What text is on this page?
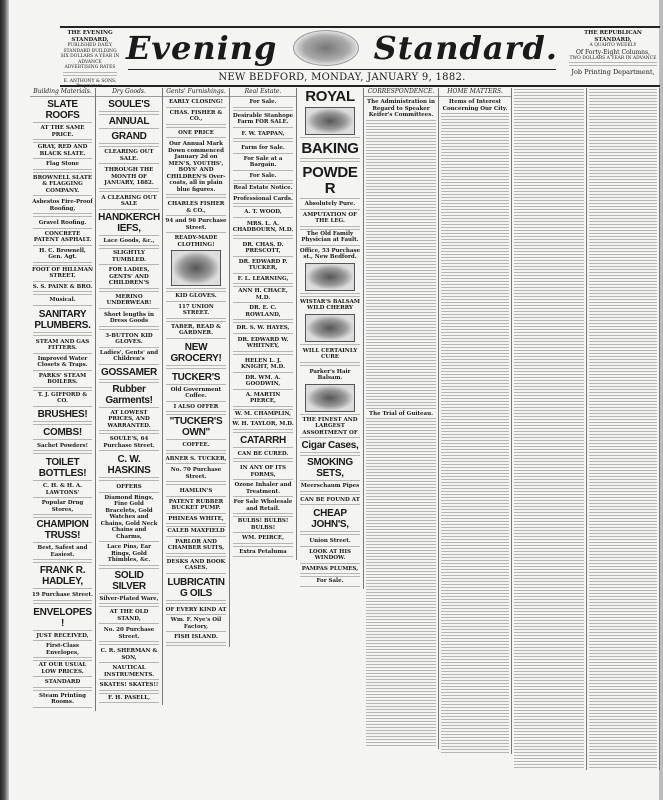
THE EVENING STANDARD,
PUBLISHED DAILY,
STANDARD BUILDING
SIX DOLLARS A YEAR IN ADVANCE
ADVERTISING RATES
E. ANTHONY & SONS,
Evening	Standard.	THE REPUBLICAN STANDARD,
A QUARTO WEEKLY
Of Forty-Eight Columns,
TWO DOLLARS A YEAR IN ADVANCE
Job Printing Department,
NEW BEDFORD, MONDAY, JANUARY 9, 1882.
Building Materials.
SLATE ROOFS
AT THE SAME PRICE.
GRAY, RED AND BLACK SLATE.
Flag Stone
BROWNELL SLATE & FLAGGING COMPANY.
Asbestos Fire-Proof Roofing,
Gravel Roofing.
CONCRETE PATENT ASPHALT.
H. C. Brownell, Gen. Agt.
FOOT OF HILLMAN STREET.
S. S. PAINE & BRO.
Musical.
SANITARY PLUMBERS.
STEAM AND GAS FITTERS.
Improved Water Closets & Traps.
PARKS' STEAM BOILERS.
T. J. GIFFORD & CO.
BRUSHES!
COMBS!
Sachet Powders!
TOILET BOTTLES!
C. H. & H. A. LAWTONS'
Popular Drug Stores,
CHAMPION TRUSS!
Best, Safest and Easiest.
FRANK R. HADLEY,
19 Purchase Street.
ENVELOPES!
JUST RECEIVED,
First-Class Envelopes,
AT OUR USUAL LOW PRICES.
STANDARD
Steam Printing Rooms.
Dry Goods.
SOULE'S
ANNUAL
GRAND
CLEARING OUT SALE.
THROUGH THE MONTH OF JANUARY, 1882.
A CLEARING OUT SALE
HANDKERCHIEFS,
Lace Goods, &c.,
SLIGHTLY TUMBLED.
FOR LADIES, GENTS' AND CHILDREN'S
MERINO UNDERWEAR!
Short lengths in Dress Goods
3-BUTTON KID GLOVES.
Ladies', Gents' and Children's
GOSSAMER
Rubber Garments!
AT LOWEST PRICES, AND WARRANTED.
SOULE'S, 64 Purchase Street.
C. W. HASKINS
OFFERS
Diamond Rings, Fine Gold Bracelets, Gold Watches and Chains, Gold Neck Chains and Charms,
Lace Pins, Ear Rings, Gold Thimbles, &c.
SOLID SILVER
Silver-Plated Ware,
AT THE OLD STAND,
No. 20 Purchase Street.
C. R. SHERMAN & SON,
NAUTICAL INSTRUMENTS.
SKATES! SKATES!!
F. H. PASELL,
Gents' Furnishings.
EARLY CLOSING!
CHAS. FISHER & CO.,
ONE PRICE
Our Annual Mark Down commenced January 2d on MEN'S, YOUTHS', BOYS' AND CHILDREN'S Over-coats, all in plain blue figures.
CHARLES FISHER & CO.,
94 and 96 Purchase Street.
READY-MADE CLOTHING!
KID GLOVES.
117 UNION STREET.
TABER, READ & GARDNER.
NEW GROCERY!
TUCKER'S
Old Government Coffee.
I ALSO OFFER
"TUCKER'S OWN"
COFFEE.
ABNER S. TUCKER,
No. 70 Purchase Street.
HAMLIN'S
PATENT RUBBER BUCKET PUMP.
PHINEAS WHITE,
CALEB MAXFIELD
PARLOR AND CHAMBER SUITS,
DESKS AND BOOK CASES.
LUBRICATING OILS
OF EVERY KIND AT
Wm. F. Nye's Oil Factory,
FISH ISLAND.
Real Estate.
For Sale.
Desirable Stanhope Farm FOR SALE.
F. W. TAPPAN,
Farm for Sale.
For Sale at a Bargain.
For Sale.
Real Estate Notice.
Professional Cards.
A. T. WOOD,
MRS. L. A. CHADBOURN, M.D.
DR. CHAS. D. PRESCOTT,
DR. EDWARD P. TUCKER,
F. L. LEARNING,
ANN H. CHACE, M.D.
DR. E. C. ROWLAND,
DR. S. W. HAYES,
DR. EDWARD W. WHITNEY,
HELEN L. J. KNIGHT, M.D.
DR. WM. A. GOODWIN,
A. MARTIN PIERCE,
W. M. CHAMPLIN,
W. H. TAYLOR, M.D.
CATARRH
CAN BE CURED.
IN ANY OF ITS FORMS,
Ozone Inhaler and Treatment.
For Sale Wholesale and Retail.
BULBS! BULBS! BULBS!
WM. PEIRCE,
Extra Petaluma
ROYAL
BAKING
POWDER
Absolutely Pure.
AMPUTATION OF THE LEG.
The Old Family Physician at Fault.
Office, 53 Purchase st., New Bedford.
WISTAR'S BALSAM WILD CHERRY
WILL CERTAINLY CURE
Parker's Hair Balsam.
THE FINEST AND LARGEST ASSORTMENT OF
Cigar Cases,
SMOKING SETS,
Meerschaum Pipes
CAN BE FOUND AT
CHEAP JOHN'S,
Union Street.
LOOK AT HIS WINDOW.
PAMPAS PLUMES,
For Sale.
CORRESPONDENCE.
The Administration in Regard to Speaker Keifer's Committees.
The Trial of Guiteau.
HOME MATTERS.
Items of Interest Concerning Our City.
